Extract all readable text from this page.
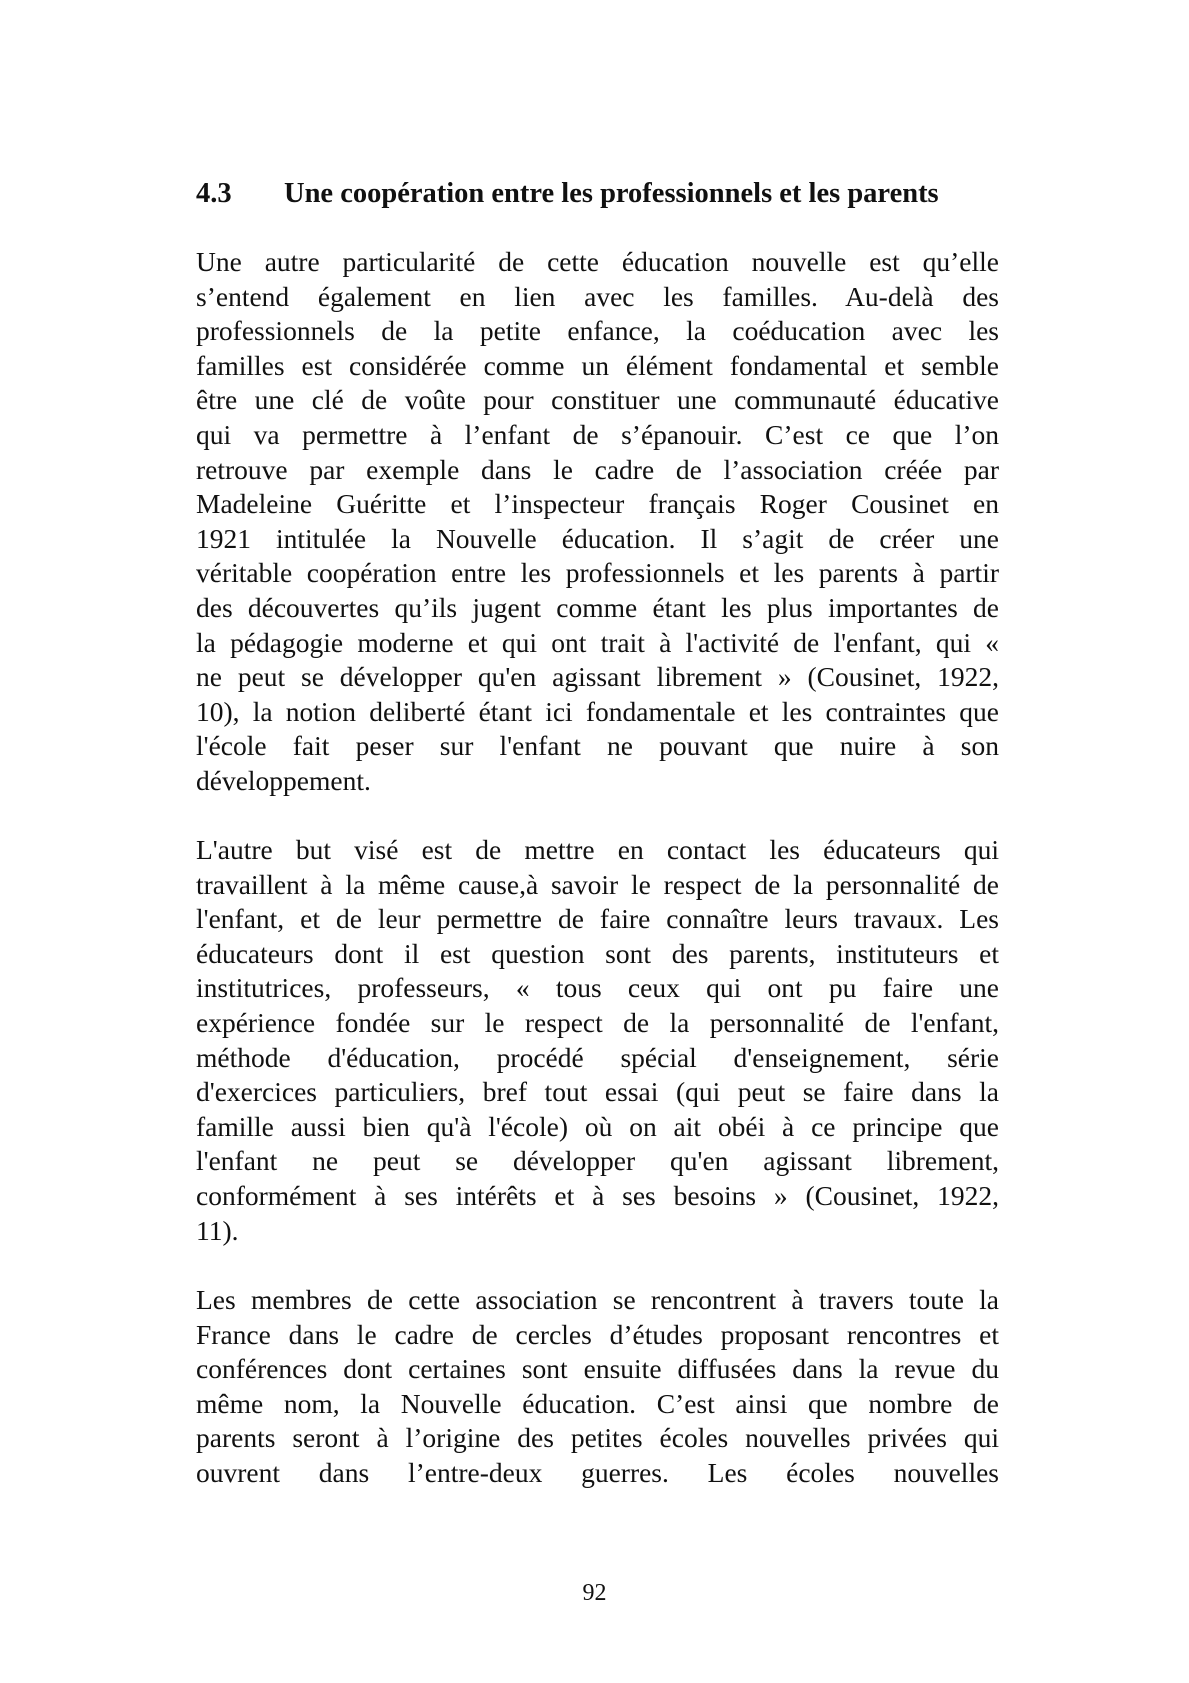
4.3 Une coopération entre les professionnels et les parents
Une autre particularité de cette éducation nouvelle est qu’elle
s’entend également en lien avec les familles. Au-delà des
professionnels de la petite enfance, la coéducation avec les
familles est considérée comme un élément fondamental et semble
être une clé de voûte pour constituer une communauté éducative
qui va permettre à l’enfant de s’épanouir. C’est ce que l’on
retrouve par exemple dans le cadre de l’association créée par
Madeleine Guéritte et l’inspecteur français Roger Cousinet en
1921 intitulée la Nouvelle éducation. Il s’agit de créer une
véritable coopération entre les professionnels et les parents à partir
des découvertes qu’ils jugent comme étant les plus importantes de
la pédagogie moderne et qui ont trait à l'activité de l'enfant, qui «
ne peut se développer qu'en agissant librement » (Cousinet, 1922,
10), la notion deliberté étant ici fondamentale et les contraintes que
l'école fait peser sur l'enfant ne pouvant que nuire à son
développement.
L'autre but visé est de mettre en contact les éducateurs qui
travaillent à la même cause,à savoir le respect de la personnalité de
l'enfant, et de leur permettre de faire connaître leurs travaux. Les
éducateurs dont il est question sont des parents, instituteurs et
institutrices, professeurs, « tous ceux qui ont pu faire une
expérience fondée sur le respect de la personnalité de l'enfant,
méthode d'éducation, procédé spécial d'enseignement, série
d'exercices particuliers, bref tout essai (qui peut se faire dans la
famille aussi bien qu'à l'école) où on ait obéi à ce principe que
l'enfant ne peut se développer qu'en agissant librement,
conformément à ses intérêts et à ses besoins » (Cousinet, 1922,
11).
Les membres de cette association se rencontrent à travers toute la
France dans le cadre de cercles d’études proposant rencontres et
conférences dont certaines sont ensuite diffusées dans la revue du
même nom, la Nouvelle éducation. C’est ainsi que nombre de
parents seront à l’origine des petites écoles nouvelles privées qui
ouvrent dans l’entre-deux guerres. Les écoles nouvelles
92
